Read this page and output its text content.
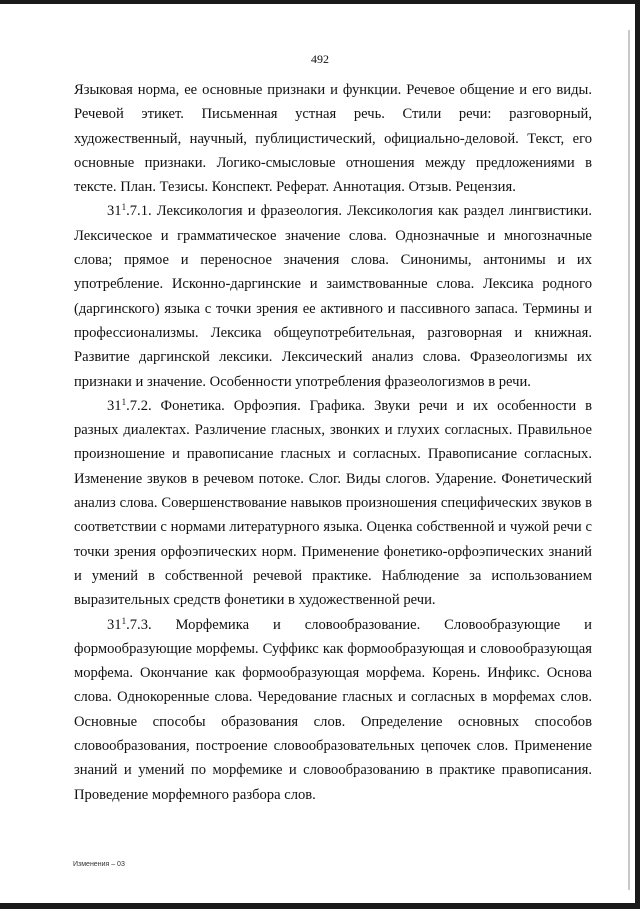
492

Языковая норма, ее основные признаки и функции. Речевое общение и его виды. Речевой этикет. Письменная устная речь. Стили речи: разговорный, художественный, научный, публицистический, официально-деловой. Текст, его основные признаки. Логико-смысловые отношения между предложениями в тексте. План. Тезисы. Конспект. Реферат. Аннотация. Отзыв. Рецензия.

$31^1.7.1$. Лексикология и фразеология. Лексикология как раздел лингвистики. Лексическое и грамматическое значение слова. Однозначные и многозначные слова; прямое и переносное значения слова. Синонимы, антонимы и их употребление. Исконно-даргинские и заимствованные слова. Лексика родного (даргинского) языка с точки зрения ее активного и пассивного запаса. Термины и профессионализмы. Лексика общеупотребительная, разговорная и книжная. Развитие даргинской лексики. Лексический анализ слова. Фразеологизмы их признаки и значение. Особенности употребления фразеологизмов в речи.

$31^1.7.2$. Фонетика. Орфоэпия. Графика. Звуки речи и их особенности в разных диалектах. Различение гласных, звонких и глухих согласных. Правильное произношение и правописание гласных и согласных. Правописание согласных. Изменение звуков в речевом потоке. Слог. Виды слогов. Ударение. Фонетический анализ слова. Совершенствование навыков произношения специфических звуков в соответствии с нормами литературного языка. Оценка собственной и чужой речи с точки зрения орфоэпических норм. Применение фонетико-орфоэпических знаний и умений в собственной речевой практике. Наблюдение за использованием выразительных средств фонетики в художественной речи.

$31^1.7.3$. Морфемика и словообразование. Словообразующие и формообразующие морфемы. Суффикс как формообразующая и словообразующая морфема. Окончание как формообразующая морфема. Корень. Инфикс. Основа слова. Однокоренные слова. Чередование гласных и согласных в морфемах слов. Основные способы образования слов. Определение основных способов словообразования, построение словообразовательных цепочек слов. Применение знаний и умений по морфемике и словообразованию в практике правописания. Проведение морфемного разбора слов.

Изменения – 03
